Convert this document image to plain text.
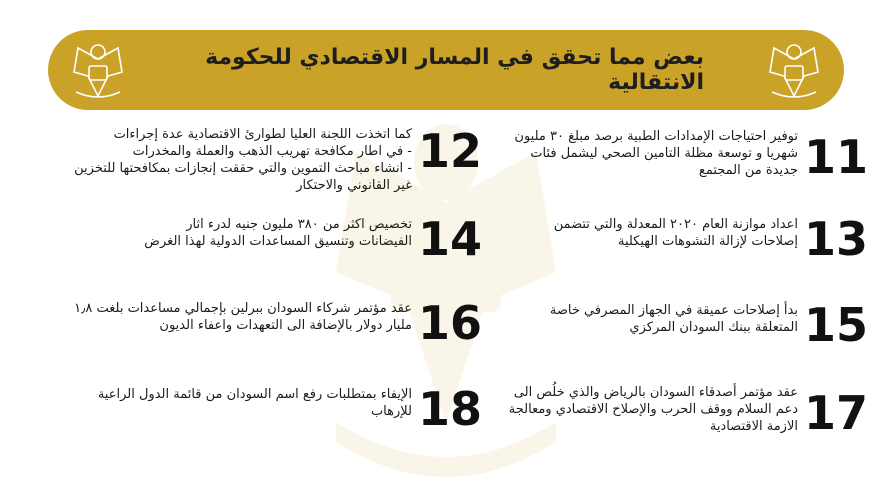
بعض مما تحقق في المسار الاقتصادي للحكومة الانتقالية
11
توفير احتياجات الإمدادات الطبية برصد مبلغ ٣٠ مليون
شهريا و توسعة مظلة التامين الصحي ليشمل فئات
جديدة من المجتمع
12
كما اتخذت اللجنة العليا لطوارئ الاقتصادية عدة إجراءات
- في اطار مكافحة تهريب الذهب والعملة والمخدرات
- انشاء مباحث التموين والتي حققت إنجازات بمكافحتها للتخزين
غير القانوني والاحتكار
13
اعداد موازنة العام ٢٠٢٠ المعدلة والتي تتضمن
إصلاحات لإزالة التشوهات الهيكلية
14
تخصيص اكثر من ٣٨٠ مليون جنيه لدرء اثار
الفيضانات وتنسيق المساعدات الدولية لهذا الغرض
15
بدأ إصلاحات عميقة في الجهاز المصرفي خاصة
المتعلقة ببنك السودان المركزي
16
عقد مؤتمر شركاء السودان ببرلين بإجمالي مساعدات بلغت ١٫٨
مليار دولار بالإضافة الى التعهدات واعفاء الديون
17
عقد مؤتمر أصدقاء السودان بالرياض والذي خلُص الى
دعم السلام ووقف الحرب والإصلاح الاقتصادي ومعالجة
الازمة الاقتصادية
18
الإيفاء بمتطلبات رفع اسم السودان من قائمة الدول الراعية
للإرهاب
